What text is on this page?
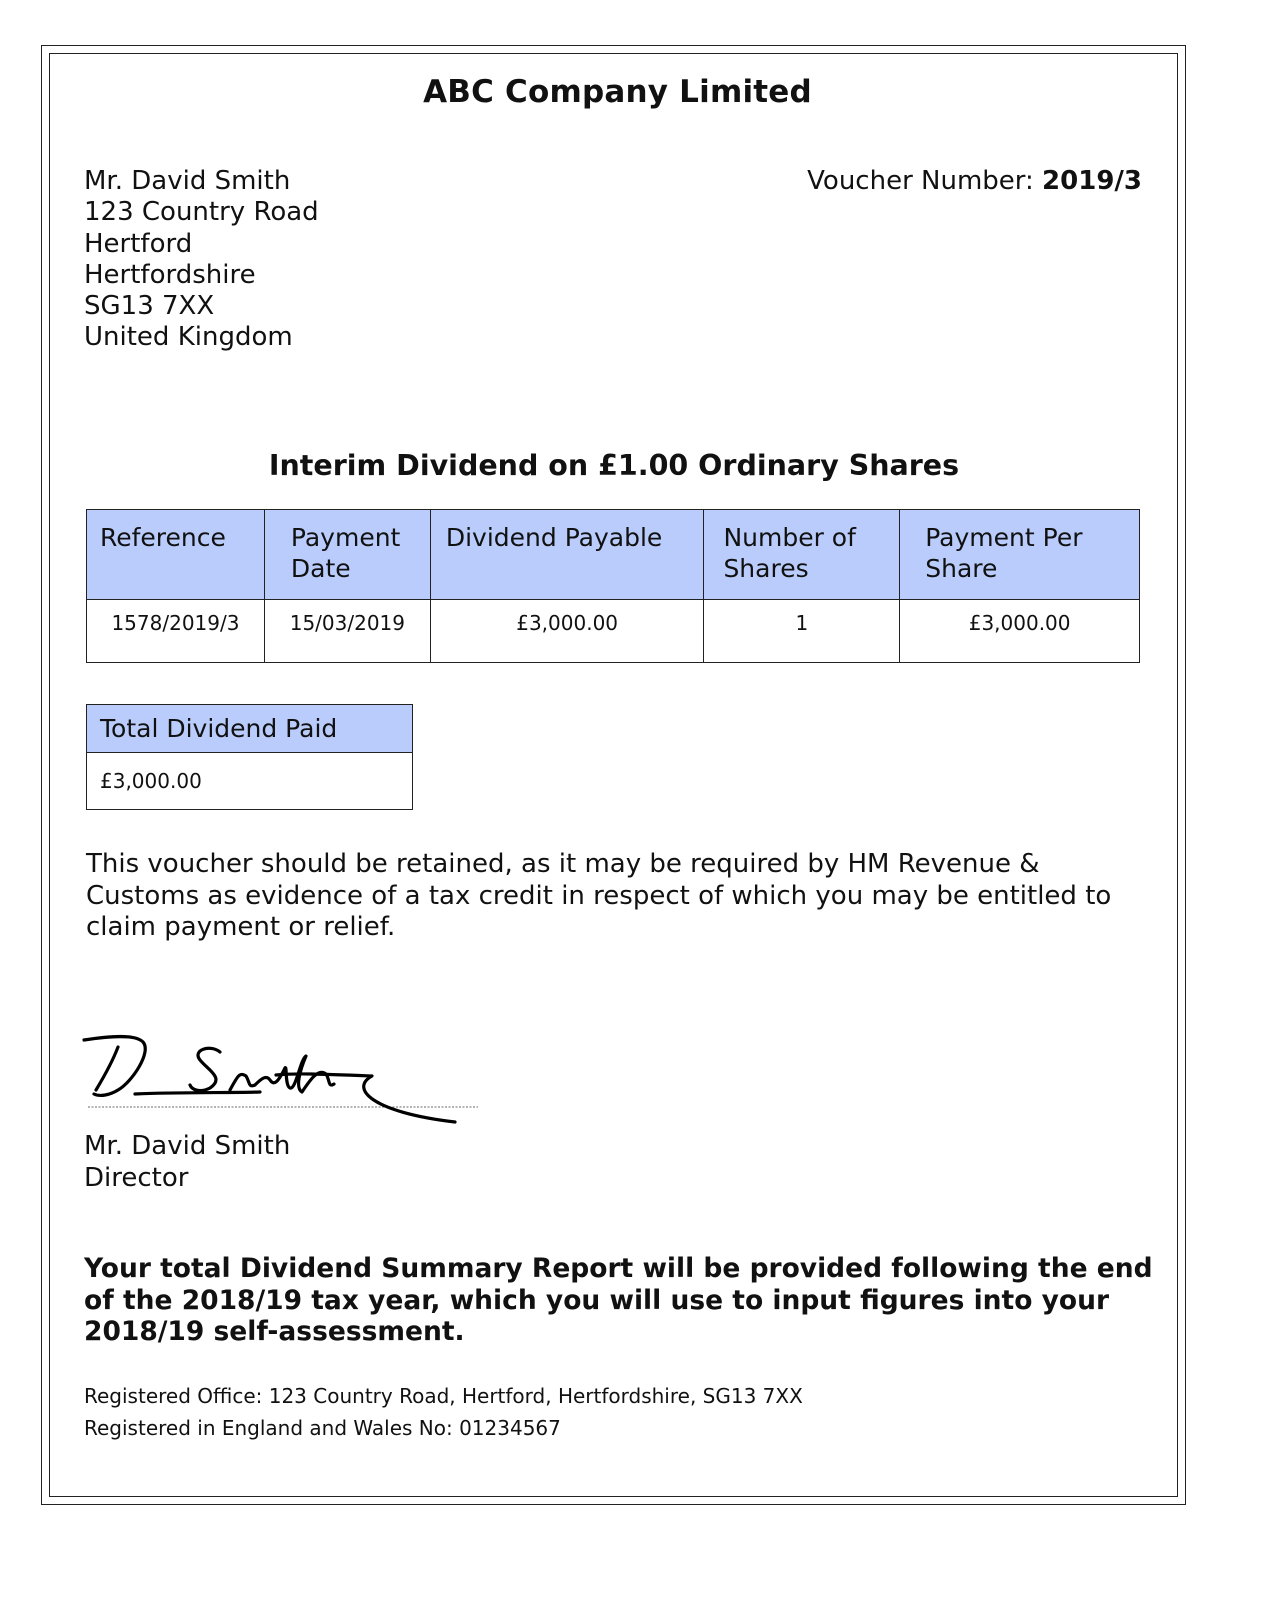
ABC Company Limited
Mr. David Smith
123 Country Road
Hertford
Hertfordshire
SG13 7XX
United Kingdom
Voucher Number: 2019/3
Interim Dividend on £1.00 Ordinary Shares
Reference	Payment Date	Dividend Payable	Number of Shares	Payment Per Share
1578/2019/3	15/03/2019	£3,000.00	1	£3,000.00
Total Dividend Paid
£3,000.00
This voucher should be retained, as it may be required by HM Revenue & Customs as evidence of a tax credit in respect of which you may be entitled to claim payment or relief.
Mr. David Smith
Director
Your total Dividend Summary Report will be provided following the end of the 2018/19 tax year, which you will use to input figures into your 2018/19 self-assessment.
Registered Office: 123 Country Road, Hertford, Hertfordshire, SG13 7XX
Registered in England and Wales No: 01234567
